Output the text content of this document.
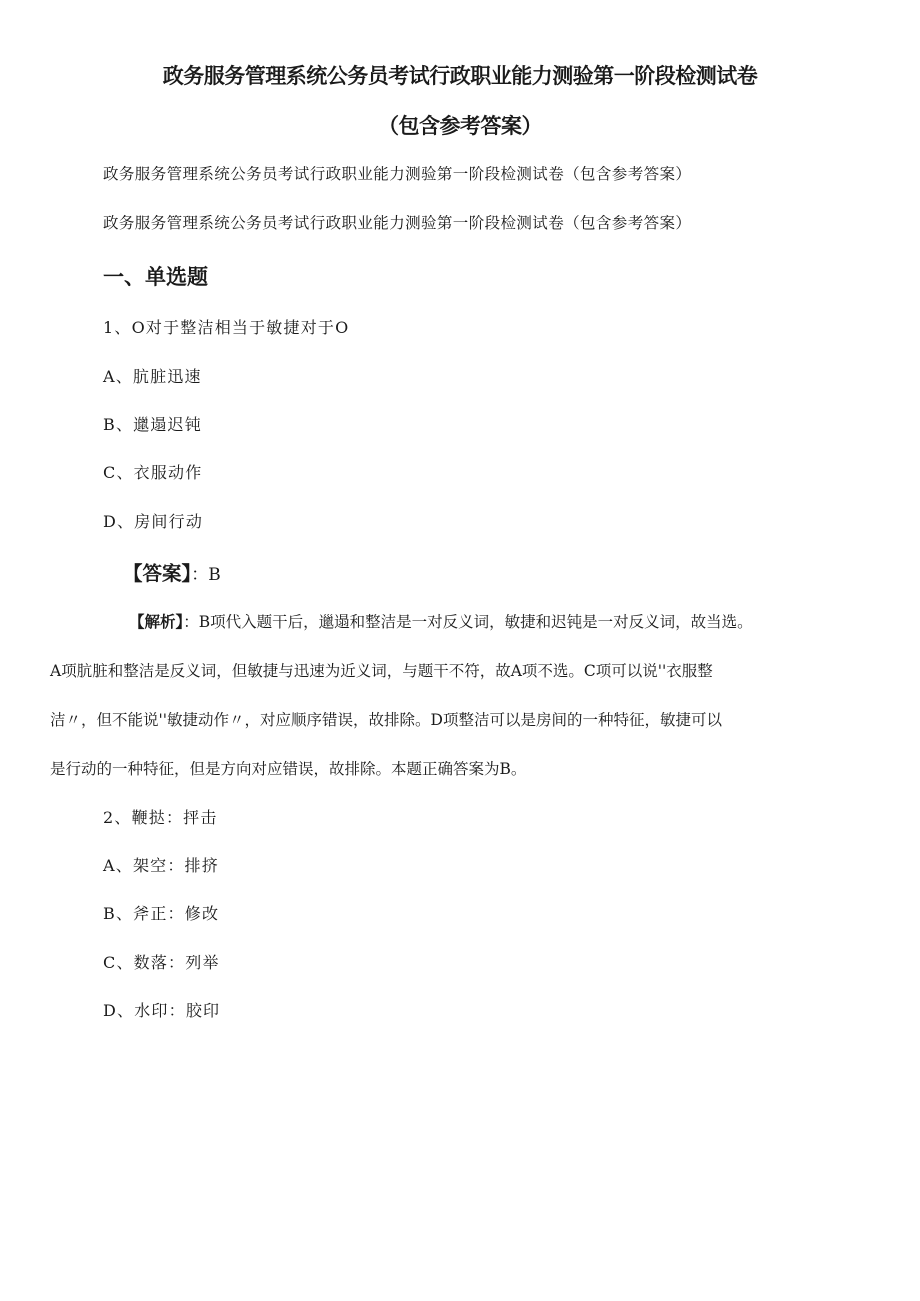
政务服务管理系统公务员考试行政职业能力测验第一阶段检测试卷
（包含参考答案）

政务服务管理系统公务员考试行政职业能力测验第一阶段检测试卷（包含参考答案）

政务服务管理系统公务员考试行政职业能力测验第一阶段检测试卷（包含参考答案）

一、单选题

1、O对于整洁相当于敏捷对于O

A、肮脏迅速

B、邋遢迟钝

C、衣服动作

D、房间行动

【答案】：B

【解析】：B项代入题干后，邋遢和整洁是一对反义词，敏捷和迟钝是一对反义词，故当选。

A项肮脏和整洁是反义词，但敏捷与迅速为近义词，与题干不符，故A项不选。C项可以说''衣服整

洁〃，但不能说''敏捷动作〃，对应顺序错误，故排除。D项整洁可以是房间的一种特征，敏捷可以

是行动的一种特征，但是方向对应错误，故排除。本题正确答案为B。

2、鞭挞：抨击

A、架空：排挤

B、斧正：修改

C、数落：列举

D、水印：胶印
